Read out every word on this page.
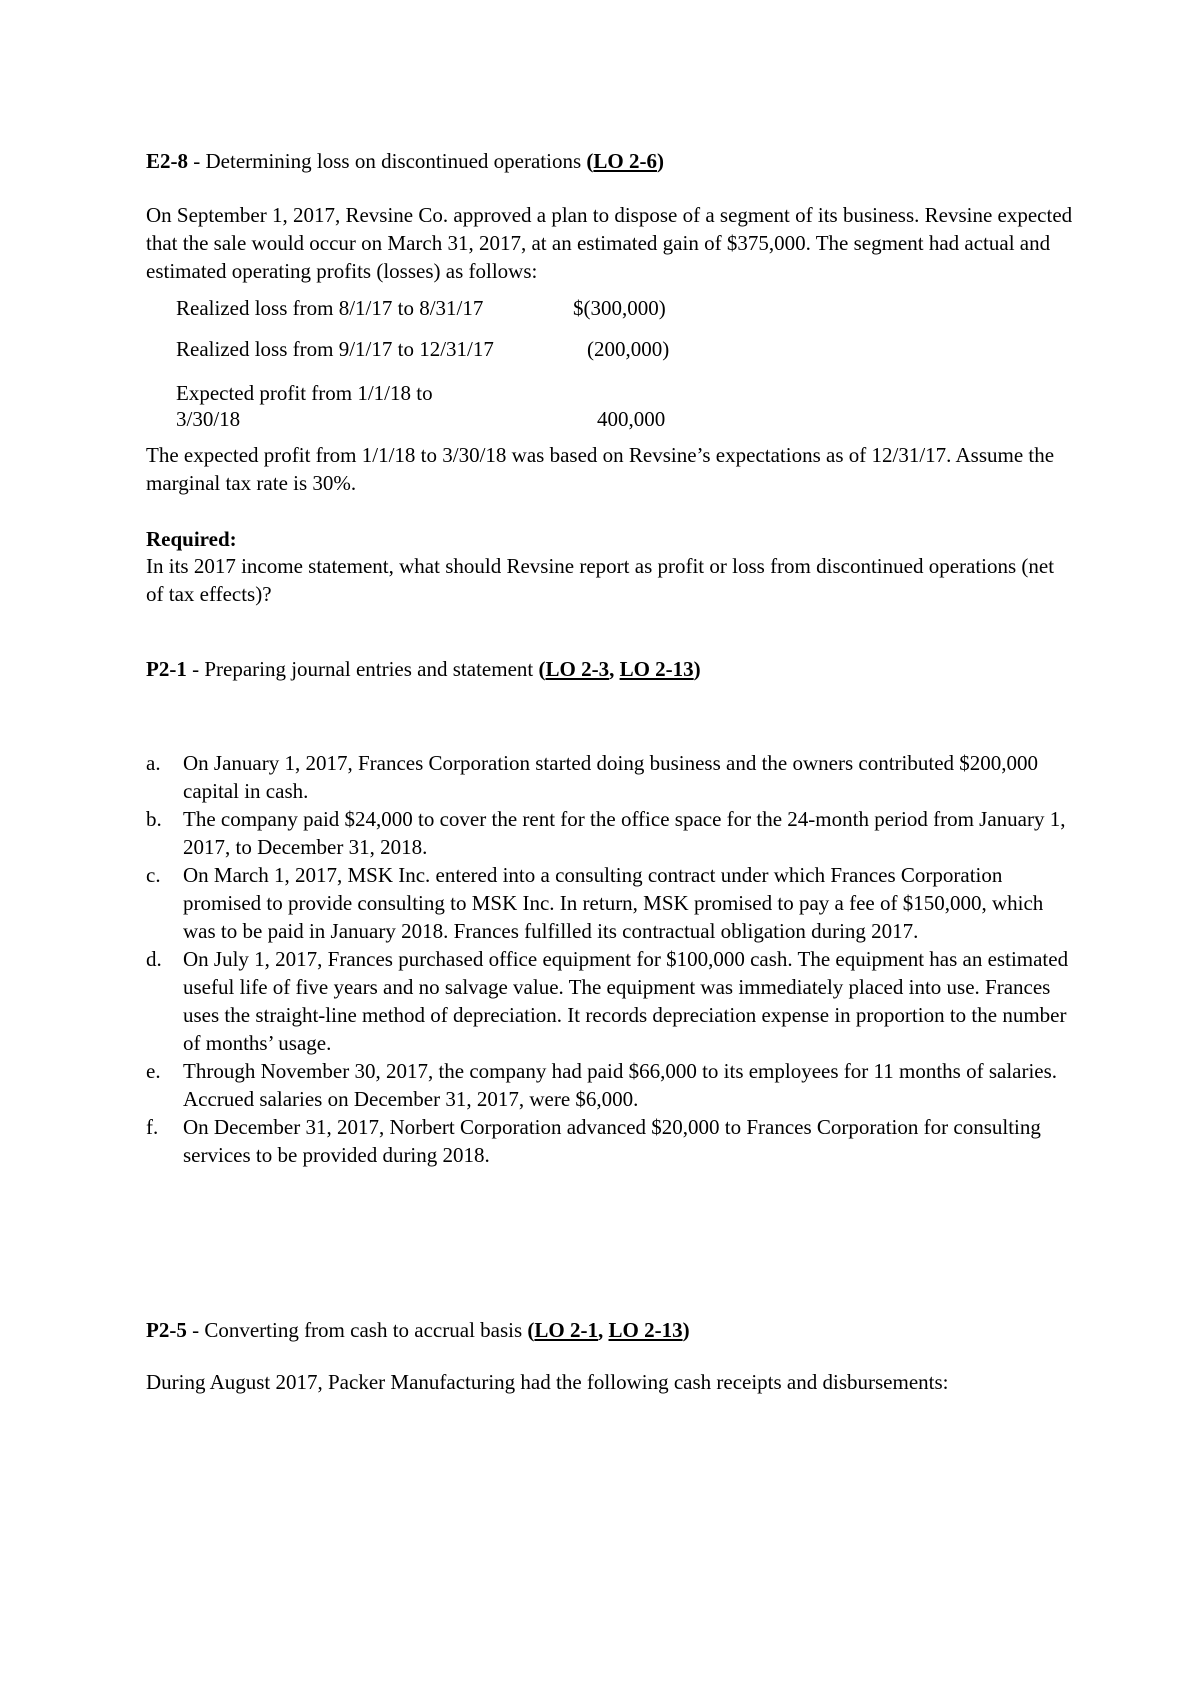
E2-8 - Determining loss on discontinued operations (LO 2-6)
On September 1, 2017, Revsine Co. approved a plan to dispose of a segment of its business. Revsine expected that the sale would occur on March 31, 2017, at an estimated gain of $375,000. The segment had actual and estimated operating profits (losses) as follows:
Realized loss from 8/1/17 to 8/31/17	$(300,000)
Realized loss from 9/1/17 to 12/31/17	(200,000)
Expected profit from 1/1/18 to
3/30/18	400,000
The expected profit from 1/1/18 to 3/30/18 was based on Revsine’s expectations as of 12/31/17. Assume the marginal tax rate is 30%.
Required:
In its 2017 income statement, what should Revsine report as profit or loss from discontinued operations (net of tax effects)?
P2-1 - Preparing journal entries and statement (LO 2-3, LO 2-13)
a. On January 1, 2017, Frances Corporation started doing business and the owners contributed $200,000 capital in cash.
b. The company paid $24,000 to cover the rent for the office space for the 24-month period from January 1, 2017, to December 31, 2018.
c. On March 1, 2017, MSK Inc. entered into a consulting contract under which Frances Corporation promised to provide consulting to MSK Inc. In return, MSK promised to pay a fee of $150,000, which was to be paid in January 2018. Frances fulfilled its contractual obligation during 2017.
d. On July 1, 2017, Frances purchased office equipment for $100,000 cash. The equipment has an estimated useful life of five years and no salvage value. The equipment was immediately placed into use. Frances uses the straight-line method of depreciation. It records depreciation expense in proportion to the number of months’ usage.
e. Through November 30, 2017, the company had paid $66,000 to its employees for 11 months of salaries. Accrued salaries on December 31, 2017, were $6,000.
f. On December 31, 2017, Norbert Corporation advanced $20,000 to Frances Corporation for consulting services to be provided during 2018.
P2-5 - Converting from cash to accrual basis (LO 2-1, LO 2-13)
During August 2017, Packer Manufacturing had the following cash receipts and disbursements:
